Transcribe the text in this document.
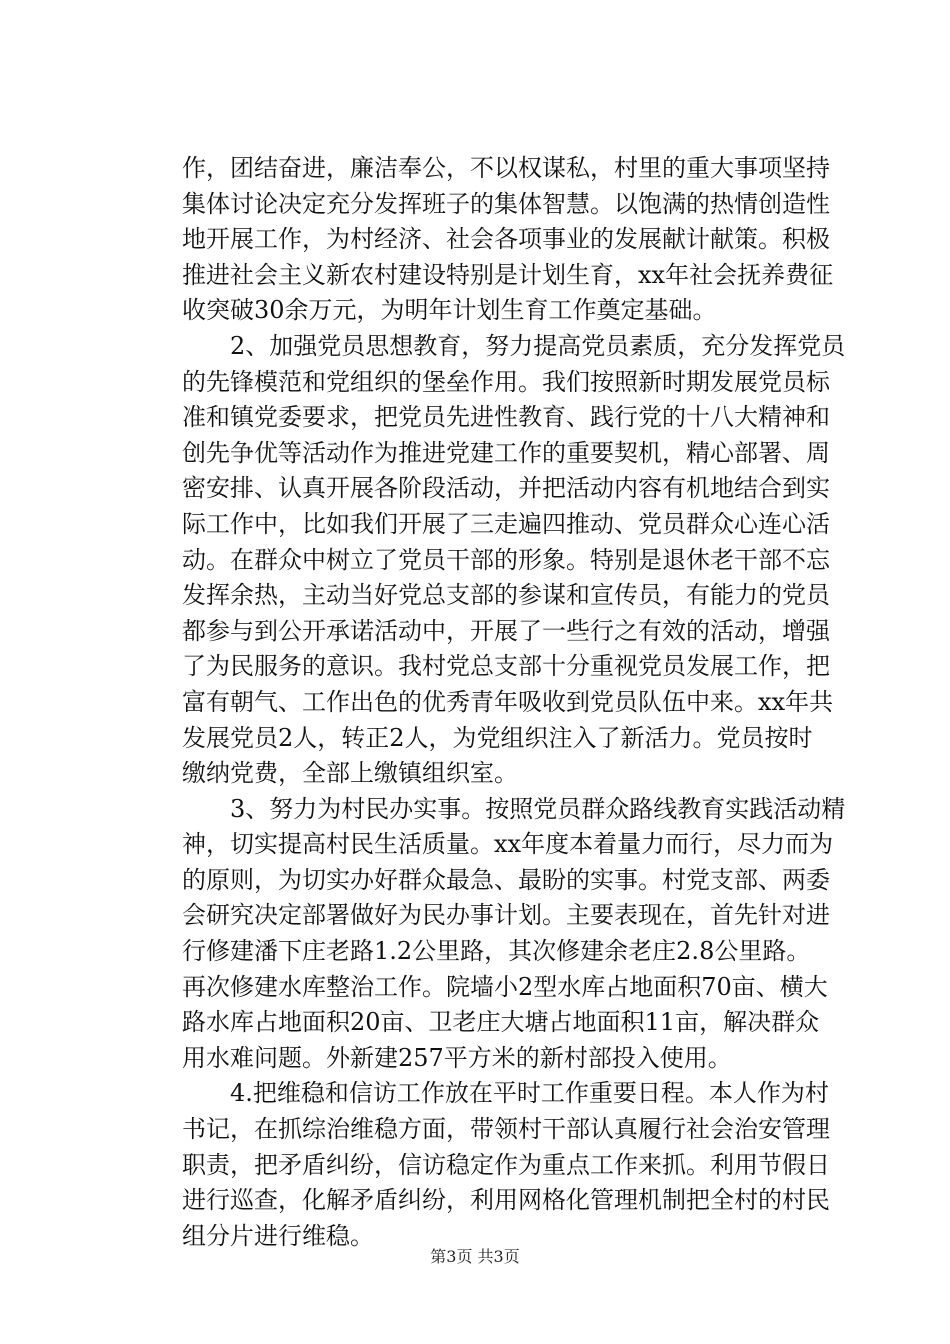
作，团结奋进，廉洁奉公，不以权谋私，村里的重大事项坚持
集体讨论决定充分发挥班子的集体智慧。以饱满的热情创造性
地开展工作，为村经济、社会各项事业的发展献计献策。积极
推进社会主义新农村建设特别是计划生育，xx年社会抚养费征
收突破30余万元，为明年计划生育工作奠定基础。

2、加强党员思想教育，努力提高党员素质，充分发挥党员
的先锋模范和党组织的堡垒作用。我们按照新时期发展党员标
准和镇党委要求，把党员先进性教育、践行党的十八大精神和
创先争优等活动作为推进党建工作的重要契机，精心部署、周
密安排、认真开展各阶段活动，并把活动内容有机地结合到实
际工作中，比如我们开展了三走遍四推动、党员群众心连心活
动。在群众中树立了党员干部的形象。特别是退休老干部不忘
发挥余热，主动当好党总支部的参谋和宣传员，有能力的党员
都参与到公开承诺活动中，开展了一些行之有效的活动，增强
了为民服务的意识。我村党总支部十分重视党员发展工作，把
富有朝气、工作出色的优秀青年吸收到党员队伍中来。xx年共
发展党员2人，转正2人，为党组织注入了新活力。党员按时
缴纳党费，全部上缴镇组织室。

3、努力为村民办实事。按照党员群众路线教育实践活动精
神，切实提高村民生活质量。xx年度本着量力而行，尽力而为
的原则，为切实办好群众最急、最盼的实事。村党支部、两委
会研究决定部署做好为民办事计划。主要表现在，首先针对进
行修建潘下庄老路1.2公里路，其次修建余老庄2.8公里路。
再次修建水库整治工作。院墙小2型水库占地面积70亩、横大
路水库占地面积20亩、卫老庄大塘占地面积11亩，解决群众
用水难问题。外新建257平方米的新村部投入使用。

4.把维稳和信访工作放在平时工作重要日程。本人作为村
书记，在抓综治维稳方面，带领村干部认真履行社会治安管理
职责，把矛盾纠纷，信访稳定作为重点工作来抓。利用节假日
进行巡查，化解矛盾纠纷，利用网格化管理机制把全村的村民
组分片进行维稳。

第3页 共3页
